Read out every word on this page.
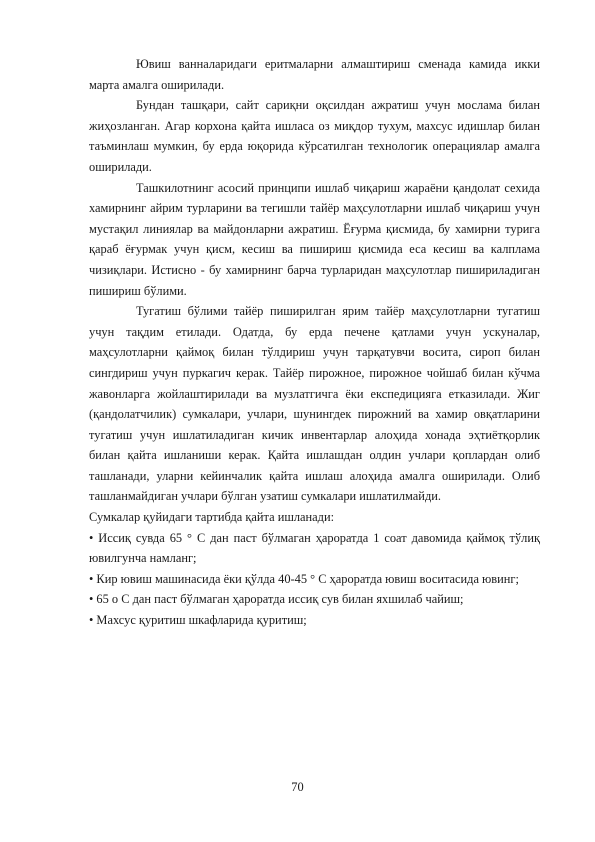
Ювиш ванналаридаги еритмаларни алмаштириш сменада камида икки марта амалга оширилади.

Бундан ташқари, сайт сариқни оқсилдан ажратиш учун мослама билан жиҳозланган. Агар корхона қайта ишласа оз миқдор тухум, махсус идишлар билан таъминлаш мумкин, бу ерда юқорида кўрсатилган технологик операциялар амалга оширилади.

Ташкилотнинг асосий принципи ишлаб чиқариш жараёни қандолат сехида хамирнинг айрим турларини ва тегишли тайёр маҳсулотларни ишлаб чиқариш учун мустақил линиялар ва майдонларни ажратиш. Ёғурма қисмида, бу хамирни турига қараб ёғурмак учун қисм, кесиш ва пишириш қисмида еса кесиш ва калплама чизиқлари. Истисно - бу хамирнинг барча турларидан маҳсулотлар пишириладиган пишириш бўлими.

Тугатиш бўлими тайёр пиширилган ярим тайёр маҳсулотларни тугатиш учун тақдим етилади. Одатда, бу ерда печене қатлами учун ускуналар, маҳсулотларни қаймоқ билан тўлдириш учун тарқатувчи восита, сироп билан сингдириш учун пуркагич керак. Тайёр пирожное, пирожное чойшаб билан кўчма жавонларга жойлаштирилади ва музлатгичга ёки експедицияга етказилади. Жиг (қандолатчилик) сумкалари, учлари, шунингдек пирожний ва хамир овқатларини тугатиш учун ишлатиладиган кичик инвентарлар алоҳида хонада эҳтиётқорлик билан қайта ишланиши керак. Қайта ишлашдан олдин учлари қоплардан олиб ташланади, уларни кейинчалик қайта ишлаш алоҳида амалга оширилади. Олиб ташланмайдиган учлари бўлган узатиш сумкалари ишлатилмайди.

Сумкалар қуйидаги тартибда қайта ишланади:

• Иссиқ сувда 65 ° C дан паст бўлмаган ҳароратда 1 соат давомида қаймоқ тўлиқ ювилгунча намланг;

• Кир ювиш машинасида ёки қўлда 40-45 ° C ҳароратда ювиш воситасида ювинг;

• 65 о С дан паст бўлмаган ҳароратда иссиқ сув билан яхшилаб чайиш;

• Махсус қуритиш шкафларида қуритиш;

70
